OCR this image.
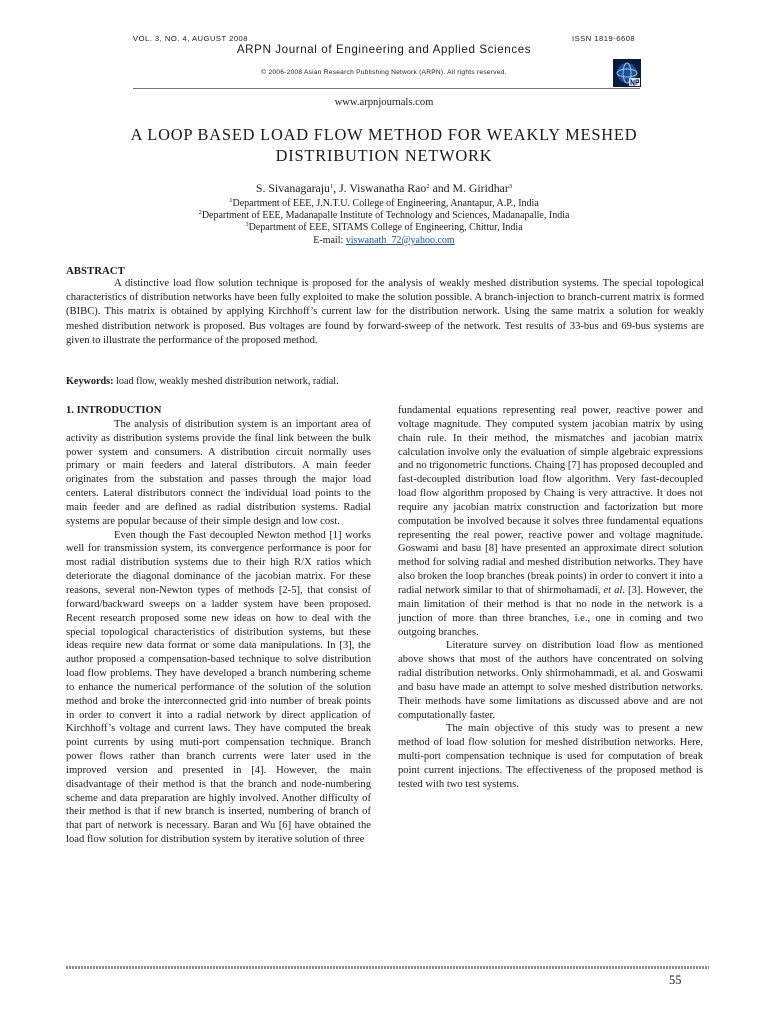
VOL. 3, NO. 4, AUGUST 2008	ISSN 1819-6608
ARPN Journal of Engineering and Applied Sciences
© 2006-2008 Asian Research Publishing Network (ARPN). All rights reserved.
www.arpnjournals.com
A LOOP BASED LOAD FLOW METHOD FOR WEAKLY MESHED
DISTRIBUTION NETWORK
S. Sivanagaraju$^1$, J. Viswanatha Rao$^2$ and M. Giridhar$^3$
$^1$Department of EEE, J.N.T.U. College of Engineering, Anantapur, A.P., India
$^2$Department of EEE, Madanapalle Institute of Technology and Sciences, Madanapalle, India
$^3$Department of EEE, SITAMS College of Engineering, Chittur, India
E-mail: viswanath_72@yahoo.com
ABSTRACT
A distinctive load flow solution technique is proposed for the analysis of weakly meshed distribution systems. The special topological characteristics of distribution networks have been fully exploited to make the solution possible. A branch-injection to branch-current matrix is formed (BIBC). This matrix is obtained by applying Kirchhoff’s current law for the distribution network. Using the same matrix a solution for weakly meshed distribution network is proposed. Bus voltages are found by forward-sweep of the network. Test results of 33-bus and 69-bus systems are given to illustrate the performance of the proposed method.
Keywords: load flow, weakly meshed distribution network, radial.

1. INTRODUCTION

The analysis of distribution system is an important area of activity as distribution systems provide the final link between the bulk power system and consumers. A distribution circuit normally uses primary or main feeders and lateral distributors. A main feeder originates from the substation and passes through the major load centers. Lateral distributors connect the individual load points to the main feeder and are defined as radial distribution systems. Radial systems are popular because of their simple design and low cost.

Even though the Fast decoupled Newton method [1] works well for transmission system, its convergence performance is poor for most radial distribution systems due to their high R/X ratios which deteriorate the diagonal dominance of the jacobian matrix. For these reasons, several non-Newton types of methods [2-5], that consist of forward/backward sweeps on a ladder system have been proposed. Recent research proposed some new ideas on how to deal with the special topological characteristics of distribution systems, but these ideas require new data format or some data manipulations. In [3], the author proposed a compensation-based technique to solve distribution load flow problems. They have developed a branch numbering scheme to enhance the numerical performance of the solution of the solution method and broke the interconnected grid into number of break points in order to convert it into a radial network by direct application of Kirchhoff’s voltage and current laws. They have computed the break point currents by using muti-port compensation technique. Branch power flows rather than branch currents were later used in the improved version and presented in [4]. However, the main disadvantage of their method is that the branch and node-numbering scheme and data preparation are highly involved. Another difficulty of their method is that if new branch is inserted, numbering of branch of that part of network is necessary. Baran and Wu [6] have obtained the load flow solution for distribution system by iterative solution of three

fundamental equations representing real power, reactive power and voltage magnitude. They computed system jacobian matrix by using chain rule. In their method, the mismatches and jacobian matrix calculation involve only the evaluation of simple algebraic expressions and no trigonometric functions. Chaing [7] has proposed decoupled and fast-decoupled distribution load flow algorithm. Very fast-decoupled load flow algorithm proposed by Chaing is very attractive. It does not require any jacobian matrix construction and factorization but more computation be involved because it solves three fundamental equations representing the real power, reactive power and voltage magnitude. Goswami and basu [8] have presented an approximate direct solution method for solving radial and meshed distribution networks. They have also broken the loop branches (break points) in order to convert it into a radial network similar to that of shirmohamadi, et al. [3]. However, the main limitation of their method is that no node in the network is a junction of more than three branches, i.e., one in coming and two outgoing branches.

Literature survey on distribution load flow as mentioned above shows that most of the authors have concentrated on solving radial distribution networks. Only shirmohammadi, et al. and Goswami and basu have made an attempt to solve meshed distribution networks. Their methods have some limitations as discussed above and are not computationally faster.

The main objective of this study was to present a new method of load flow solution for meshed distribution networks. Here, multi-port compensation technique is used for computation of break point current injections. The effectiveness of the proposed method is tested with two test systems.

55
